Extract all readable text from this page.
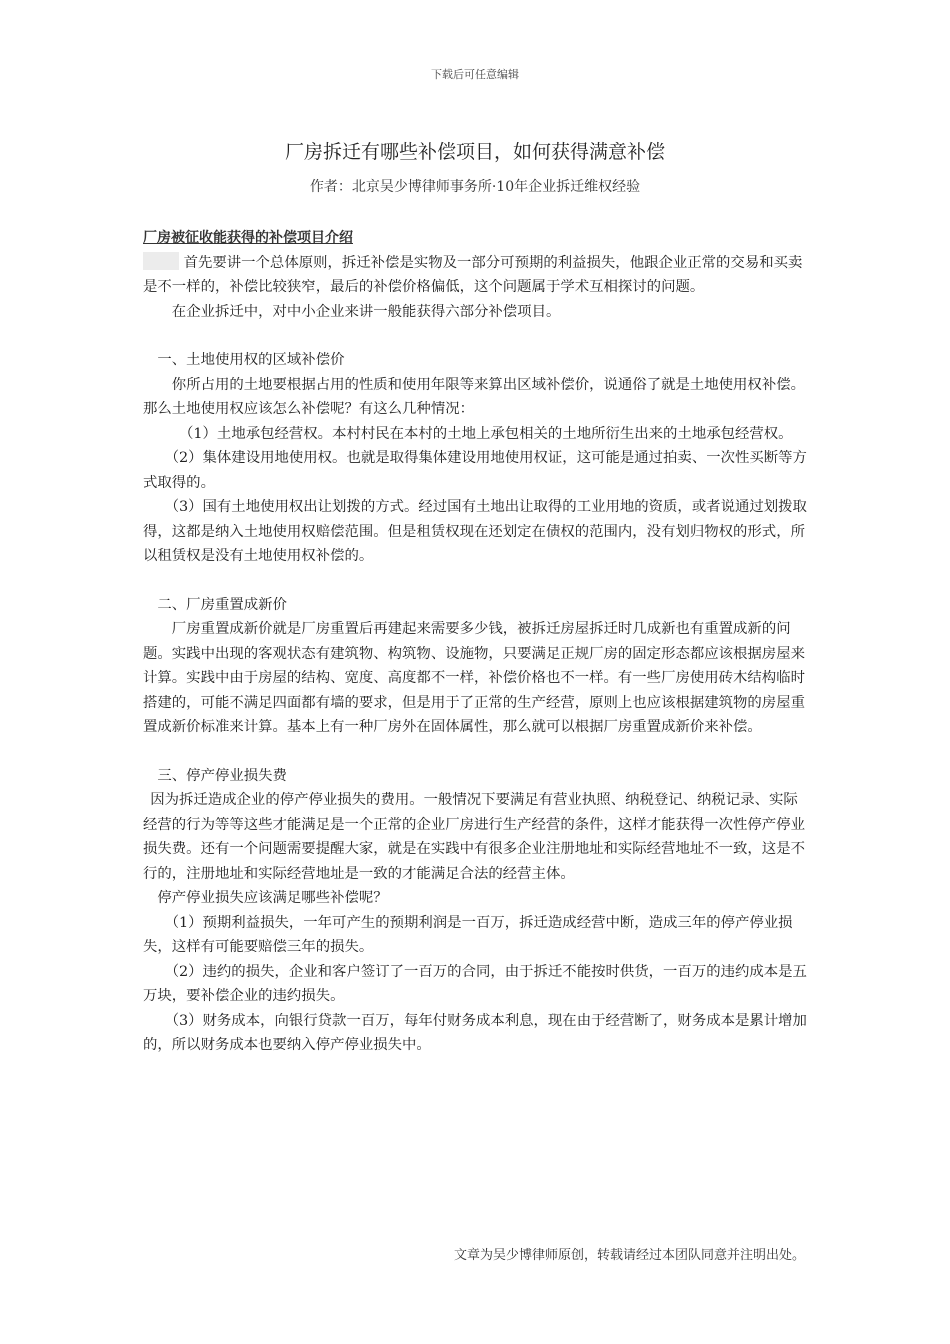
下载后可任意编辑
厂房拆迁有哪些补偿项目，如何获得满意补偿
作者：北京吴少博律师事务所·10年企业拆迁维权经验

厂房被征收能获得的补偿项目介绍

首先要讲一个总体原则，拆迁补偿是实物及一部分可预期的利益损失，他跟企业正常的交易和买卖是不一样的，补偿比较狭窄，最后的补偿价格偏低，这个问题属于学术互相探讨的问题。

在企业拆迁中，对中小企业来讲一般能获得六部分补偿项目。

一、土地使用权的区域补偿价

你所占用的土地要根据占用的性质和使用年限等来算出区域补偿价，说通俗了就是土地使用权补偿。那么土地使用权应该怎么补偿呢？有这么几种情况：

（1）土地承包经营权。本村村民在本村的土地上承包相关的土地所衍生出来的土地承包经营权。

（2）集体建设用地使用权。也就是取得集体建设用地使用权证，这可能是通过拍卖、一次性买断等方式取得的。

（3）国有土地使用权出让划拨的方式。经过国有土地出让取得的工业用地的资质，或者说通过划拨取得，这都是纳入土地使用权赔偿范围。但是租赁权现在还划定在债权的范围内，没有划归物权的形式，所以租赁权是没有土地使用权补偿的。

二、厂房重置成新价

厂房重置成新价就是厂房重置后再建起来需要多少钱，被拆迁房屋拆迁时几成新也有重置成新的问题。实践中出现的客观状态有建筑物、构筑物、设施物，只要满足正规厂房的固定形态都应该根据房屋来计算。实践中由于房屋的结构、宽度、高度都不一样，补偿价格也不一样。有一些厂房使用砖木结构临时搭建的，可能不满足四面都有墙的要求，但是用于了正常的生产经营，原则上也应该根据建筑物的房屋重置成新价标准来计算。基本上有一种厂房外在固体属性，那么就可以根据厂房重置成新价来补偿。

三、停产停业损失费

因为拆迁造成企业的停产停业损失的费用。一般情况下要满足有营业执照、纳税登记、纳税记录、实际经营的行为等等这些才能满足是一个正常的企业厂房进行生产经营的条件，这样才能获得一次性停产停业损失费。还有一个问题需要提醒大家，就是在实践中有很多企业注册地址和实际经营地址不一致，这是不行的，注册地址和实际经营地址是一致的才能满足合法的经营主体。

停产停业损失应该满足哪些补偿呢？

（1）预期利益损失，一年可产生的预期利润是一百万，拆迁造成经营中断，造成三年的停产停业损失，这样有可能要赔偿三年的损失。

（2）违约的损失，企业和客户签订了一百万的合同，由于拆迁不能按时供货，一百万的违约成本是五万块，要补偿企业的违约损失。

（3）财务成本，向银行贷款一百万，每年付财务成本利息，现在由于经营断了，财务成本是累计增加的，所以财务成本也要纳入停产停业损失中。

文章为吴少博律师原创，转载请经过本团队同意并注明出处。
